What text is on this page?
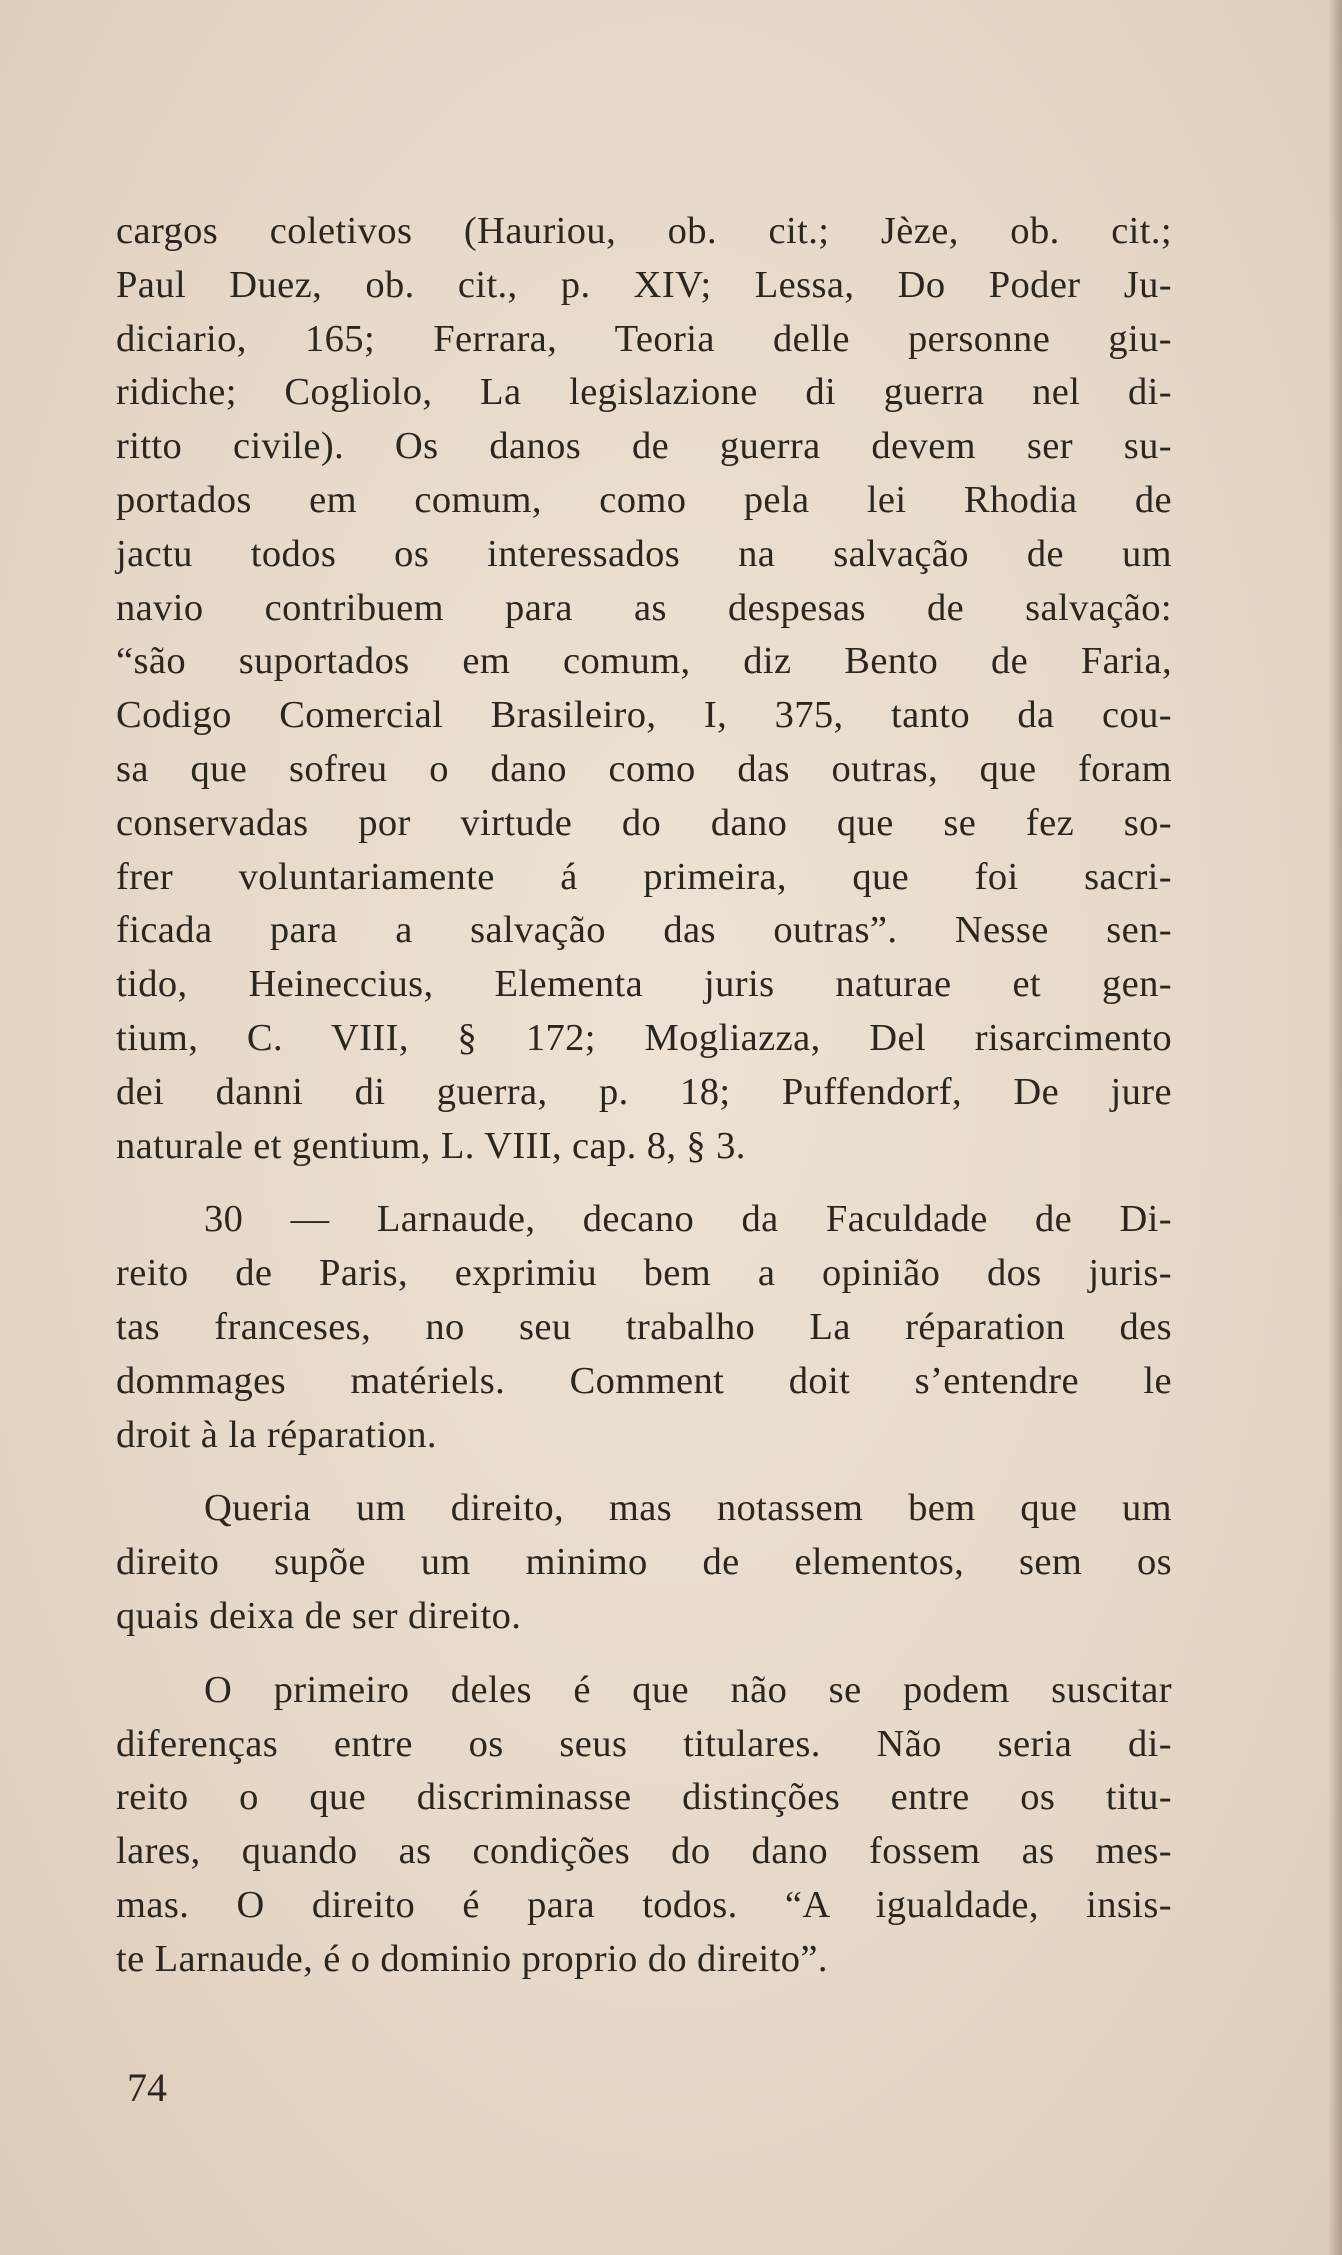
cargos coletivos (Hauriou, ob. cit.; Jèze, ob. cit.;
Paul Duez, ob. cit., p. XIV; Lessa, Do Poder Ju-
diciario, 165; Ferrara, Teoria delle personne giu-
ridiche; Cogliolo, La legislazione di guerra nel di-
ritto civile). Os danos de guerra devem ser su-
portados em comum, como pela lei Rhodia de
jactu todos os interessados na salvação de um
navio contribuem para as despesas de salvação:
“são suportados em comum, diz Bento de Faria,
Codigo Comercial Brasileiro, I, 375, tanto da cou-
sa que sofreu o dano como das outras, que foram
conservadas por virtude do dano que se fez so-
frer voluntariamente á primeira, que foi sacri-
ficada para a salvação das outras”. Nesse sen-
tido, Heineccius, Elementa juris naturae et gen-
tium, C. VIII, § 172; Mogliazza, Del risarcimento
dei danni di guerra, p. 18; Puffendorf, De jure
naturale et gentium, L. VIII, cap. 8, § 3.
30 — Larnaude, decano da Faculdade de Di-
reito de Paris, exprimiu bem a opinião dos juris-
tas franceses, no seu trabalho La réparation des
dommages matériels. Comment doit s’entendre le
droit à la réparation.
Queria um direito, mas notassem bem que um
direito supõe um minimo de elementos, sem os
quais deixa de ser direito.
O primeiro deles é que não se podem suscitar
diferenças entre os seus titulares. Não seria di-
reito o que discriminasse distinções entre os titu-
lares, quando as condições do dano fossem as mes-
mas. O direito é para todos. “A igualdade, insis-
te Larnaude, é o dominio proprio do direito”.
74
